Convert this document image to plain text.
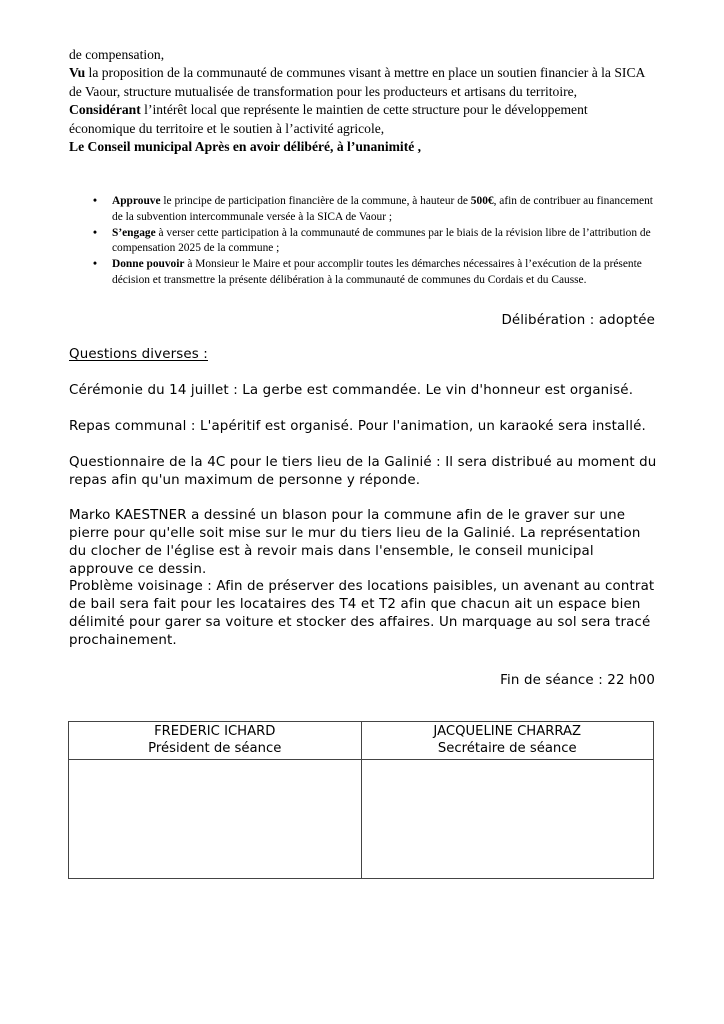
de compensation,

Vu la proposition de la communauté de communes visant à mettre en place un soutien financier à la SICA

de Vaour, structure mutualisée de transformation pour les producteurs et artisans du territoire,

Considérant l’intérêt local que représente le maintien de cette structure pour le développement

économique du territoire et le soutien à l’activité agricole,

Le Conseil municipal Après en avoir délibéré, à l’unanimité ,

• Approuve le principe de participation financière de la commune, à hauteur de 500€, afin de contribuer au financement de la subvention intercommunale versée à la SICA de Vaour ;
• S’engage à verser cette participation à la communauté de communes par le biais de la révision libre de l’attribution de compensation 2025 de la commune ;
• Donne pouvoir à Monsieur le Maire et pour accomplir toutes les démarches nécessaires à l’exécution de la présente décision et transmettre la présente délibération à la communauté de communes du Cordais et du Causse.
Délibération : adoptée
Questions diverses :

Cérémonie du 14 juillet : La gerbe est commandée. Le vin d'honneur est organisé.

Repas communal : L'apéritif est organisé. Pour l'animation, un karaoké sera installé.

Questionnaire de la 4C pour le tiers lieu de la Galinié : Il sera distribué au moment du repas afin qu'un maximum de personne y réponde.

Marko KAESTNER a dessiné un blason pour la commune afin de le graver sur une pierre pour qu'elle soit mise sur le mur du tiers lieu de la Galinié. La représentation du clocher de l'église est à revoir mais dans l'ensemble, le conseil municipal approuve ce dessin.

Problème voisinage : Afin de préserver des locations paisibles, un avenant au contrat de bail sera fait pour les locataires des T4 et T2 afin que chacun ait un espace bien délimité pour garer sa voiture et stocker des affaires. Un marquage au sol sera tracé prochainement.

Fin de séance : 22 h00
FREDERIC ICHARD
Président de séance

JACQUELINE CHARRAZ
Secrétaire de séance
